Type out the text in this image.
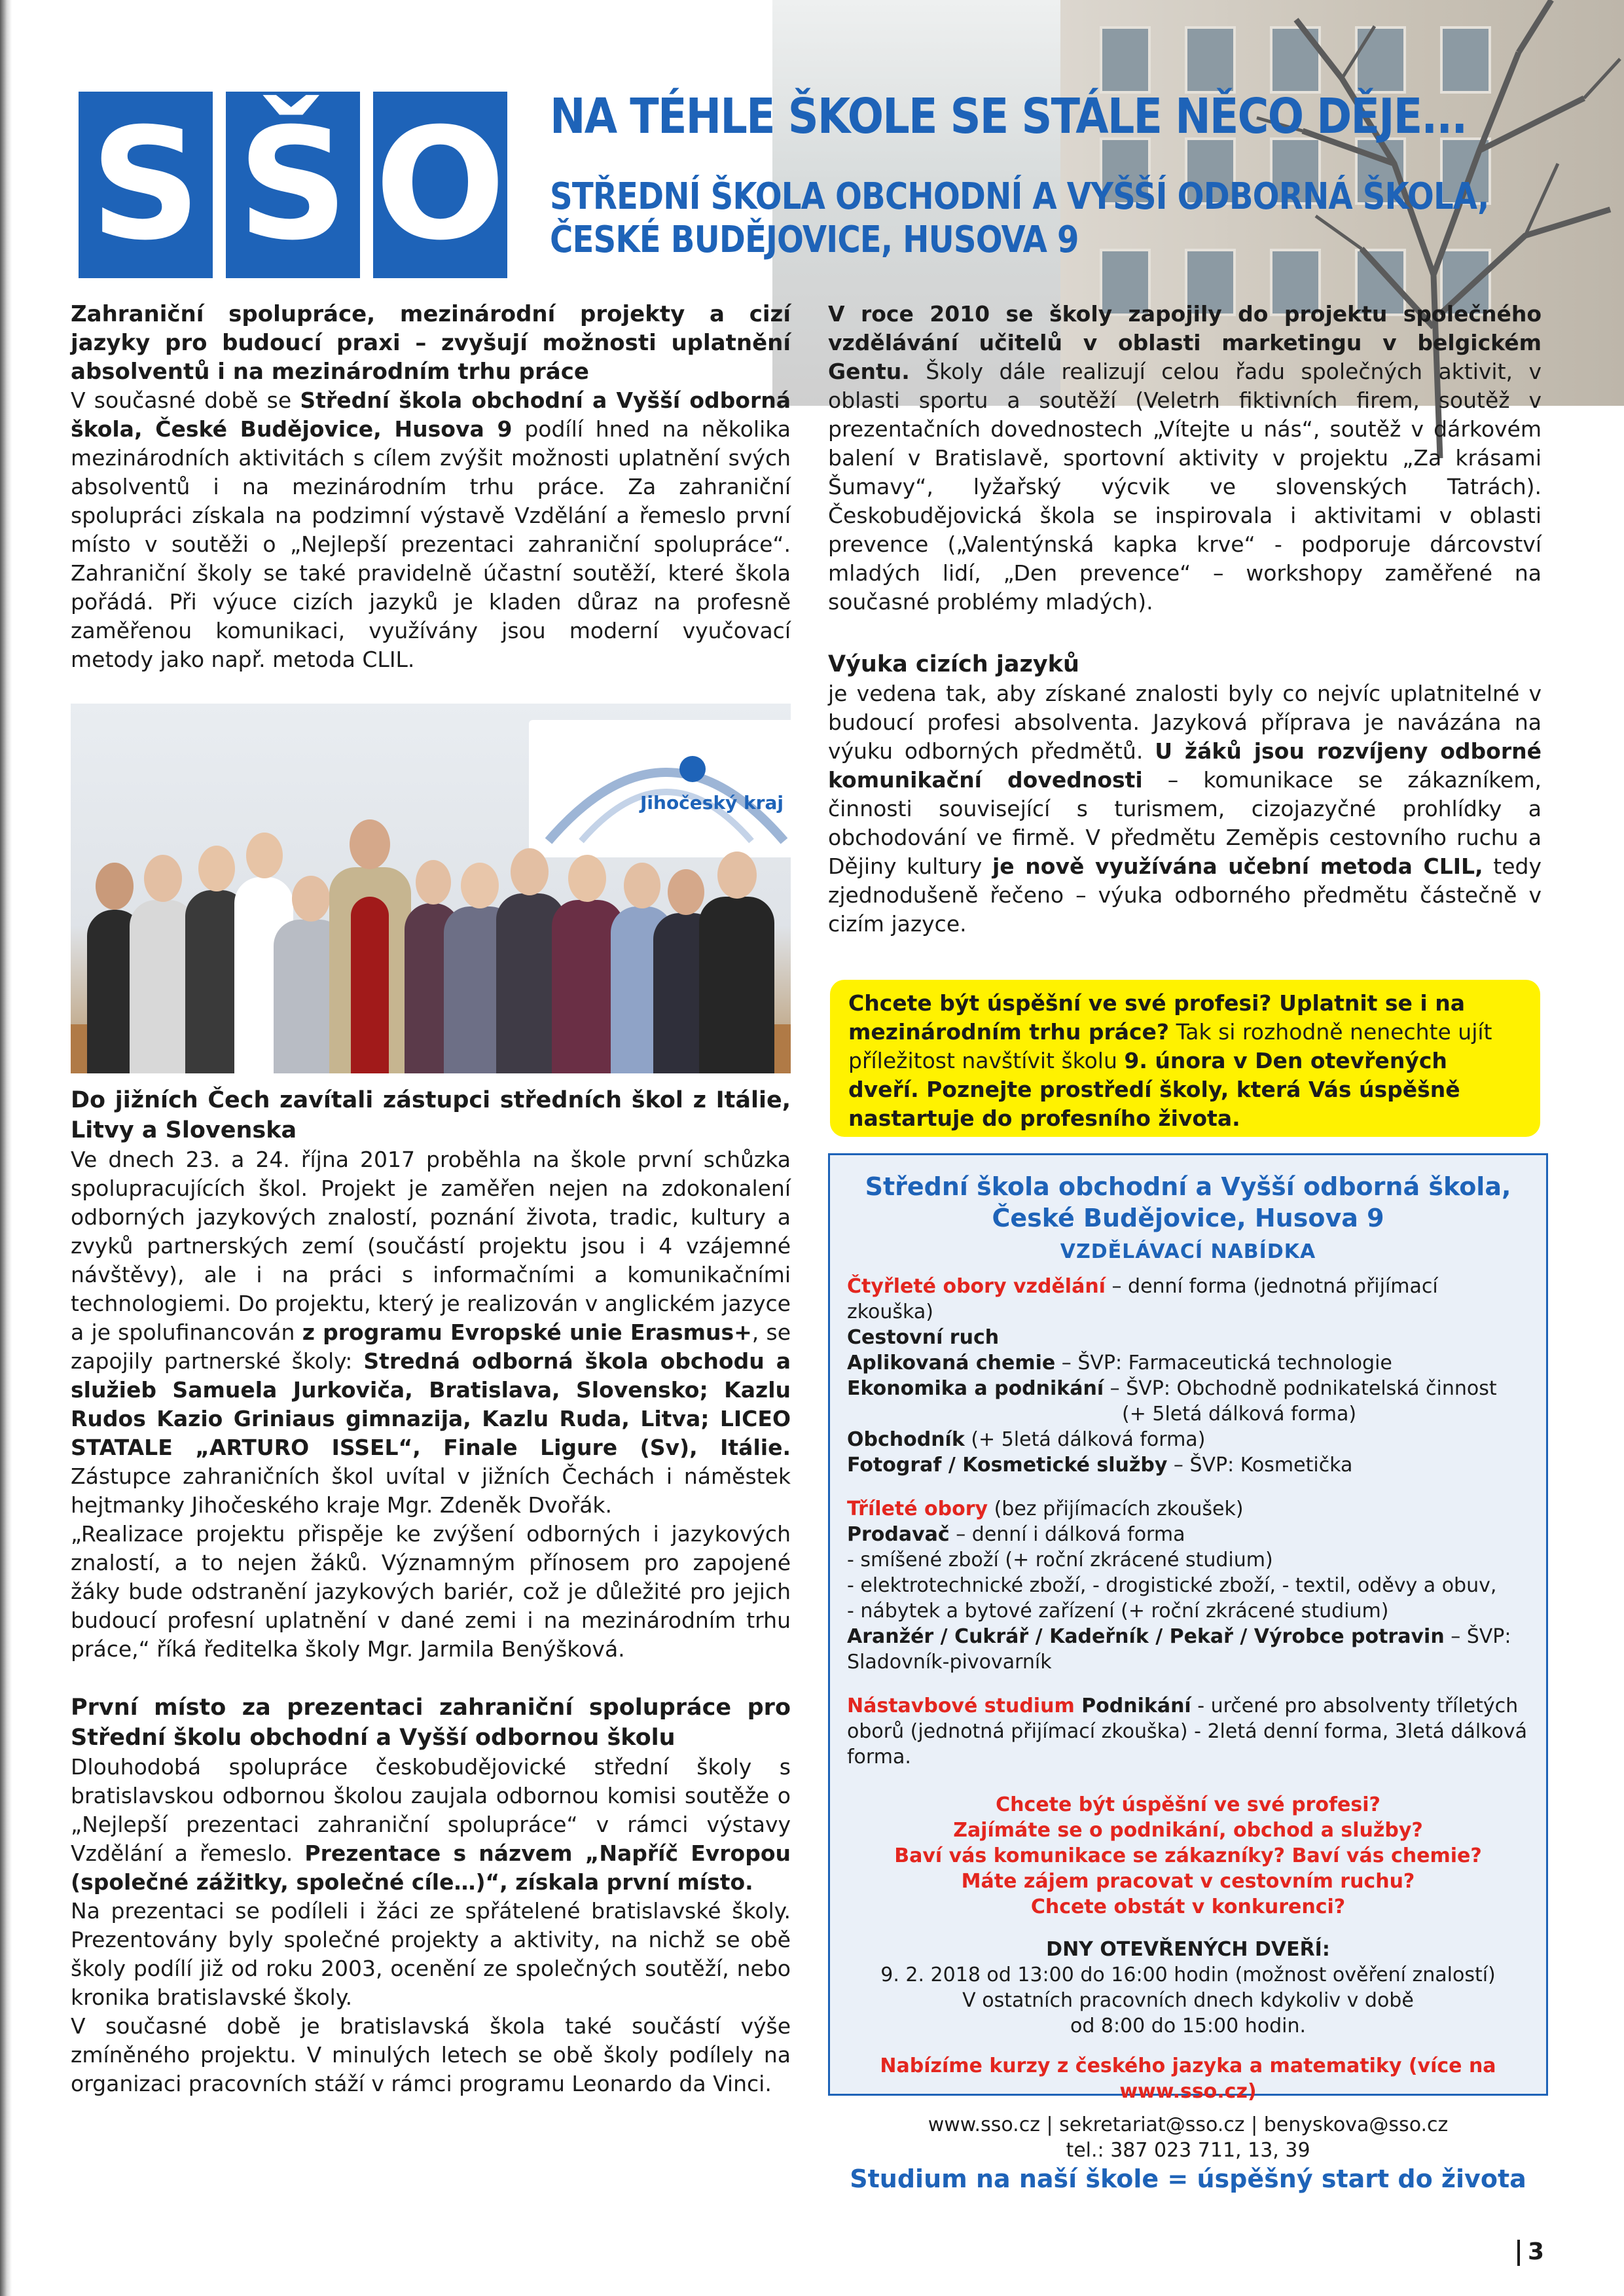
S Š O NA TÉHLE ŠKOLE SE STÁLE NĚCO DĚJE...
STŘEDNÍ ŠKOLA OBCHODNÍ A VYŠŠÍ ODBORNÁ ŠKOLA,
ČESKÉ BUDĚJOVICE, HUSOVA 9

Zahraniční spolupráce, mezinárodní projekty a cizí jazyky pro budoucí praxi – zvyšují možnosti uplatnění absolventů i na mezinárodním trhu práce

V současné době se Střední škola obchodní a Vyšší odborná škola, České Budějovice, Husova 9 podílí hned na několika mezinárodních aktivitách s cílem zvýšit možnosti uplatnění svých absolventů i na mezinárodním trhu práce. Za zahraniční spolupráci získala na podzimní výstavě Vzdělání a řemeslo první místo v soutěži o „Nejlepší prezentaci zahraniční spolupráce“. Zahraniční školy se také pravidelně účastní soutěží, které škola pořádá. Při výuce cizích jazyků je kladen důraz na profesně zaměřenou komunikaci, využívány jsou moderní vyučovací metody jako např. metoda CLIL.

Jihočeský kraj

Do jižních Čech zavítali zástupci středních škol z Itálie, Litvy a Slovenska

Ve dnech 23. a 24. října 2017 proběhla na škole první schůzka spolupracujících škol. Projekt je zaměřen nejen na zdokonalení odborných jazykových znalostí, poznání života, tradic, kultury a zvyků partnerských zemí (součástí projektu jsou i 4 vzájemné návštěvy), ale i na práci s informačními a komunikačními technologiemi. Do projektu, který je realizován v anglickém jazyce a je spolufinancován z programu Evropské unie Erasmus+, se zapojily partnerské školy: Stredná odborná škola obchodu a služieb Samuela Jurkoviča, Bratislava, Slovensko; Kazlu Rudos Kazio Griniaus gimnazija, Kazlu Ruda, Litva; LICEO STATALE „ARTURO ISSEL“, Finale Ligure (Sv), Itálie. Zástupce zahraničních škol uvítal v jižních Čechách i náměstek hejtmanky Jihočeského kraje Mgr. Zdeněk Dvořák.

„Realizace projektu přispěje ke zvýšení odborných i jazykových znalostí, a to nejen žáků. Významným přínosem pro zapojené žáky bude odstranění jazykových bariér, což je důležité pro jejich budoucí profesní uplatnění v dané zemi i na mezinárodním trhu práce,“ říká ředitelka školy Mgr. Jarmila Benýšková.

První místo za prezentaci zahraniční spolupráce pro Střední školu obchodní a Vyšší odbornou školu

Dlouhodobá spolupráce českobudějovické střední školy s bratislavskou odbornou školou zaujala odbornou komisi soutěže o „Nejlepší prezentaci zahraniční spolupráce“ v rámci výstavy Vzdělání a řemeslo. Prezentace s názvem „Napříč Evropou (společné zážitky, společné cíle…)“, získala první místo.

Na prezentaci se podíleli i žáci ze spřátelené bratislavské školy. Prezentovány byly společné projekty a aktivity, na nichž se obě školy podílí již od roku 2003, ocenění ze společných soutěží, nebo kronika bratislavské školy.

V současné době je bratislavská škola také součástí výše zmíněného projektu. V minulých letech se obě školy podílely na organizaci pracovních stáží v rámci programu Leonardo da Vinci.

V roce 2010 se školy zapojily do projektu společného vzdělávání učitelů v oblasti marketingu v belgickém Gentu. Školy dále realizují celou řadu společných aktivit, v oblasti sportu a soutěží (Veletrh fiktivních firem, soutěž v prezentačních dovednostech „Vítejte u nás“, soutěž v dárkovém balení v Bratislavě, sportovní aktivity v projektu „Za krásami Šumavy“, lyžařský výcvik ve slovenských Tatrách). Českobudějovická škola se inspirovala i aktivitami v oblasti prevence („Valentýnská kapka krve“ - podporuje dárcovství mladých lidí, „Den prevence“ – workshopy zaměřené na současné problémy mladých).

Výuka cizích jazyků

je vedena tak, aby získané znalosti byly co nejvíc uplatnitelné v budoucí profesi absolventa. Jazyková příprava je navázána na výuku odborných předmětů. U žáků jsou rozvíjeny odborné komunikační dovednosti – komunikace se zákazníkem, činnosti související s turismem, cizojazyčné prohlídky a obchodování ve firmě. V předmětu Zeměpis cestovního ruchu a Dějiny kultury je nově využívána učební metoda CLIL, tedy zjednodušeně řečeno – výuka odborného předmětu částečně v cizím jazyce.

Chcete být úspěšní ve své profesi? Uplatnit se i na mezinárodním trhu práce? Tak si rozhodně nenechte ujít příležitost navštívit školu 9. února v Den otevřených dveří. Poznejte prostředí školy, která Vás úspěšně nastartuje do profesního života.

Střední škola obchodní a Vyšší odborná škola,
České Budějovice, Husova 9
VZDĚLÁVACÍ NABÍDKA

Čtyřleté obory vzdělání – denní forma (jednotná přijímací zkouška)

Cestovní ruch

Aplikovaná chemie – ŠVP: Farmaceutická technologie

Ekonomika a podnikání – ŠVP: Obchodně podnikatelská činnost

(+ 5letá dálková forma)

Obchodník (+ 5letá dálková forma)

Fotograf / Kosmetické služby – ŠVP: Kosmetička

Tříleté obory (bez přijímacích zkoušek)

Prodavač – denní i dálková forma

- smíšené zboží (+ roční zkrácené studium)

- elektrotechnické zboží, - drogistické zboží, - textil, oděvy a obuv,

- nábytek a bytové zařízení (+ roční zkrácené studium)

Aranžér / Cukrář / Kadeřník / Pekař / Výrobce potravin – ŠVP: Sladovník-pivovarník

Nástavbové studium Podnikání - určené pro absolventy tříletých oborů (jednotná přijímací zkouška) - 2letá denní forma, 3letá dálková forma.

Chcete být úspěšní ve své profesi?

Zajímáte se o podnikání, obchod a služby?

Baví vás komunikace se zákazníky? Baví vás chemie?

Máte zájem pracovat v cestovním ruchu?

Chcete obstát v konkurenci?

DNY OTEVŘENÝCH DVEŘÍ:

9. 2. 2018 od 13:00 do 16:00 hodin (možnost ověření znalostí)

V ostatních pracovních dnech kdykoliv v době

od 8:00 do 15:00 hodin.

Nabízíme kurzy z českého jazyka a matematiky (více na www.sso.cz)

www.sso.cz | sekretariat@sso.cz | benyskova@sso.cz

tel.: 387 023 711, 13, 39

Studium na naší škole = úspěšný start do života

3
